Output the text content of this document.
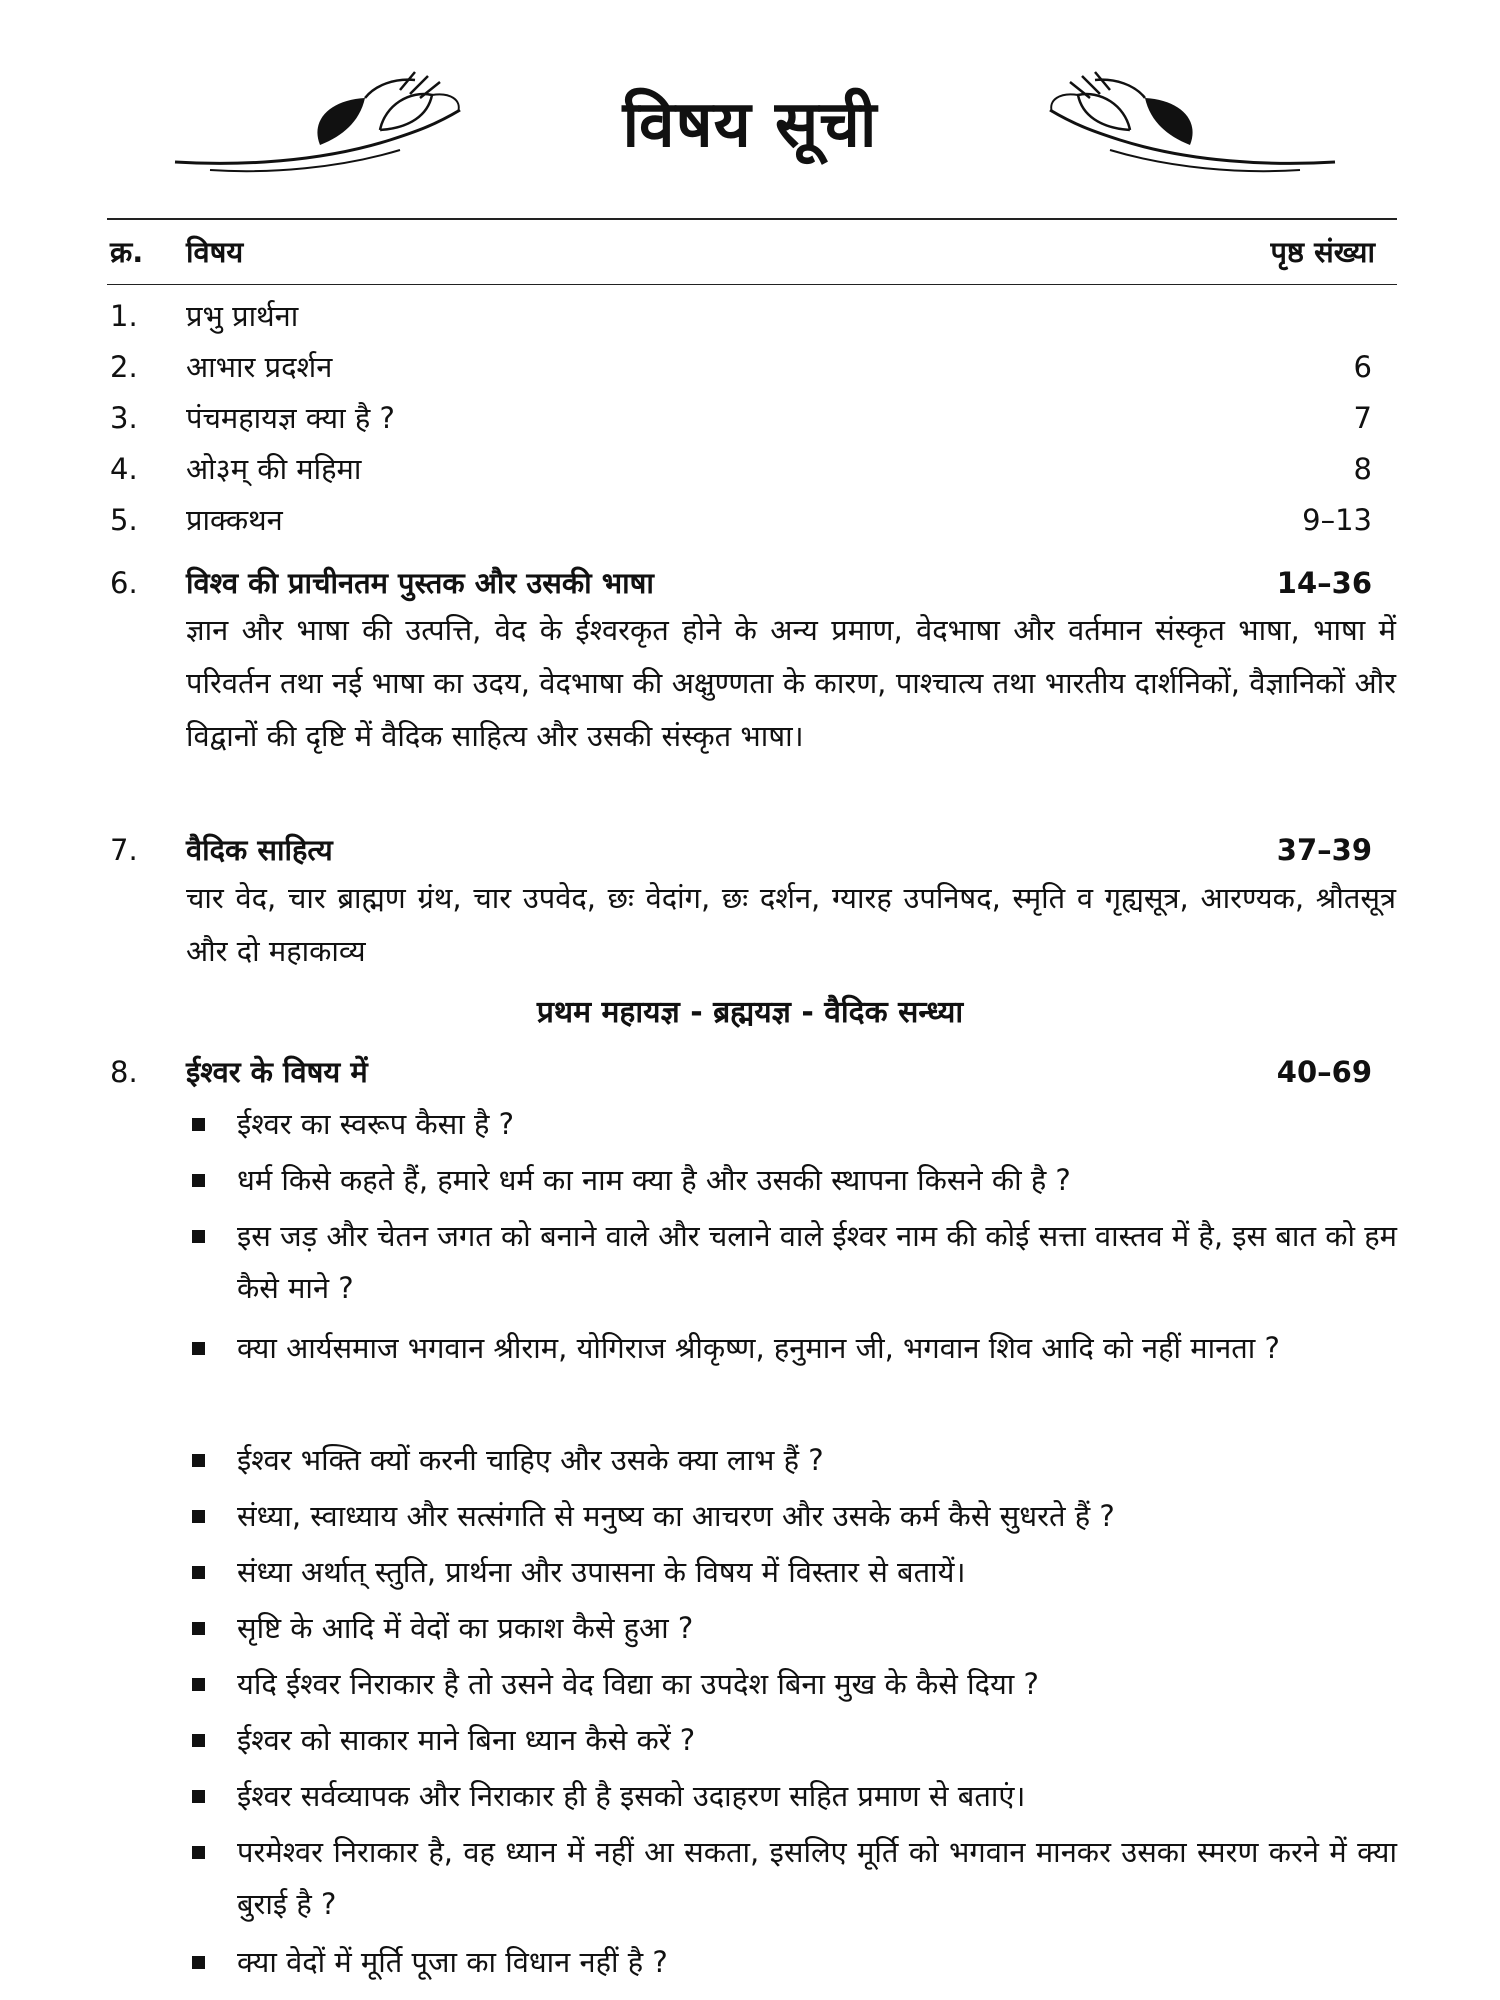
विषय सूची
क्र. विषय	पृष्ठ संख्या
1. प्रभु प्रार्थना
2. आभार प्रदर्शन	6
3. पंचमहायज्ञ क्या है ?	7
4. ओ३म् की महिमा	8
5. प्राक्कथन	9–13
6. विश्व की प्राचीनतम पुस्तक और उसकी भाषा	14–36
ज्ञान और भाषा की उत्पत्ति, वेद के ईश्वरकृत होने के अन्य प्रमाण, वेदभाषा और वर्तमान संस्कृत भाषा, भाषा में परिवर्तन तथा नई भाषा का उदय, वेदभाषा की अक्षुण्णता के कारण, पाश्चात्य तथा भारतीय दार्शनिकों, वैज्ञानिकों और विद्वानों की दृष्टि में वैदिक साहित्य और उसकी संस्कृत भाषा।
7. वैदिक साहित्य	37–39
चार वेद, चार ब्राह्मण ग्रंथ, चार उपवेद, छः वेदांग, छः दर्शन, ग्यारह उपनिषद, स्मृति व गृह्यसूत्र, आरण्यक, श्रौतसूत्र और दो महाकाव्य
प्रथम महायज्ञ - ब्रह्मयज्ञ - वैदिक सन्ध्या
8. ईश्वर के विषय में	40–69
ईश्वर का स्वरूप कैसा है ?
धर्म किसे कहते हैं, हमारे धर्म का नाम क्या है और उसकी स्थापना किसने की है ?
इस जड़ और चेतन जगत को बनाने वाले और चलाने वाले ईश्वर नाम की कोई सत्ता वास्तव में है, इस बात को हम कैसे माने ?
क्या आर्यसमाज भगवान श्रीराम, योगिराज श्रीकृष्ण, हनुमान जी, भगवान शिव आदि को नहीं मानता ?
ईश्वर भक्ति क्यों करनी चाहिए और उसके क्या लाभ हैं ?
संध्या, स्वाध्याय और सत्संगति से मनुष्य का आचरण और उसके कर्म कैसे सुधरते हैं ?
संध्या अर्थात् स्तुति, प्रार्थना और उपासना के विषय में विस्तार से बतायें।
सृष्टि के आदि में वेदों का प्रकाश कैसे हुआ ?
यदि ईश्वर निराकार है तो उसने वेद विद्या का उपदेश बिना मुख के कैसे दिया ?
ईश्वर को साकार माने बिना ध्यान कैसे करें ?
ईश्वर सर्वव्यापक और निराकार ही है इसको उदाहरण सहित प्रमाण से बताएं।
परमेश्वर निराकार है, वह ध्यान में नहीं आ सकता, इसलिए मूर्ति को भगवान मानकर उसका स्मरण करने में क्या बुराई है ?
क्या वेदों में मूर्ति पूजा का विधान नहीं है ?
